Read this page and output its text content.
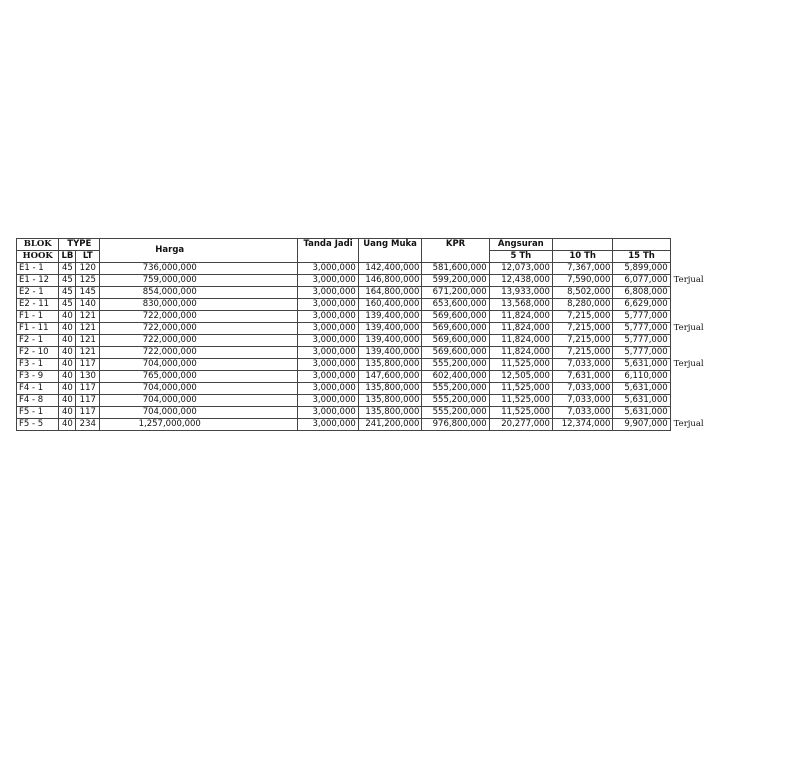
BLOK	TYPE		Harga	Tanda Jadi	Uang Muka	KPR	Angsuran			
HOOK	LB	LT					5 Th	10 Th	15 Th	
E1 - 1	45	120	736,000,000	3,000,000	142,400,000	581,600,000	12,073,000	7,367,000	5,899,000	
E1 - 12	45	125	759,000,000	3,000,000	146,800,000	599,200,000	12,438,000	7,590,000	6,077,000	Terjual
E2 - 1	45	145	854,000,000	3,000,000	164,800,000	671,200,000	13,933,000	8,502,000	6,808,000	
E2 - 11	45	140	830,000,000	3,000,000	160,400,000	653,600,000	13,568,000	8,280,000	6,629,000	
F1 - 1	40	121	722,000,000	3,000,000	139,400,000	569,600,000	11,824,000	7,215,000	5,777,000	
F1 - 11	40	121	722,000,000	3,000,000	139,400,000	569,600,000	11,824,000	7,215,000	5,777,000	Terjual
F2 - 1	40	121	722,000,000	3,000,000	139,400,000	569,600,000	11,824,000	7,215,000	5,777,000	
F2 - 10	40	121	722,000,000	3,000,000	139,400,000	569,600,000	11,824,000	7,215,000	5,777,000	
F3 - 1	40	117	704,000,000	3,000,000	135,800,000	555,200,000	11,525,000	7,033,000	5,631,000	Terjual
F3 - 9	40	130	765,000,000	3,000,000	147,600,000	602,400,000	12,505,000	7,631,000	6,110,000	
F4 - 1	40	117	704,000,000	3,000,000	135,800,000	555,200,000	11,525,000	7,033,000	5,631,000	
F4 - 8	40	117	704,000,000	3,000,000	135,800,000	555,200,000	11,525,000	7,033,000	5,631,000	
F5 - 1	40	117	704,000,000	3,000,000	135,800,000	555,200,000	11,525,000	7,033,000	5,631,000	
F5 - 5	40	234	1,257,000,000	3,000,000	241,200,000	976,800,000	20,277,000	12,374,000	9,907,000	Terjual
